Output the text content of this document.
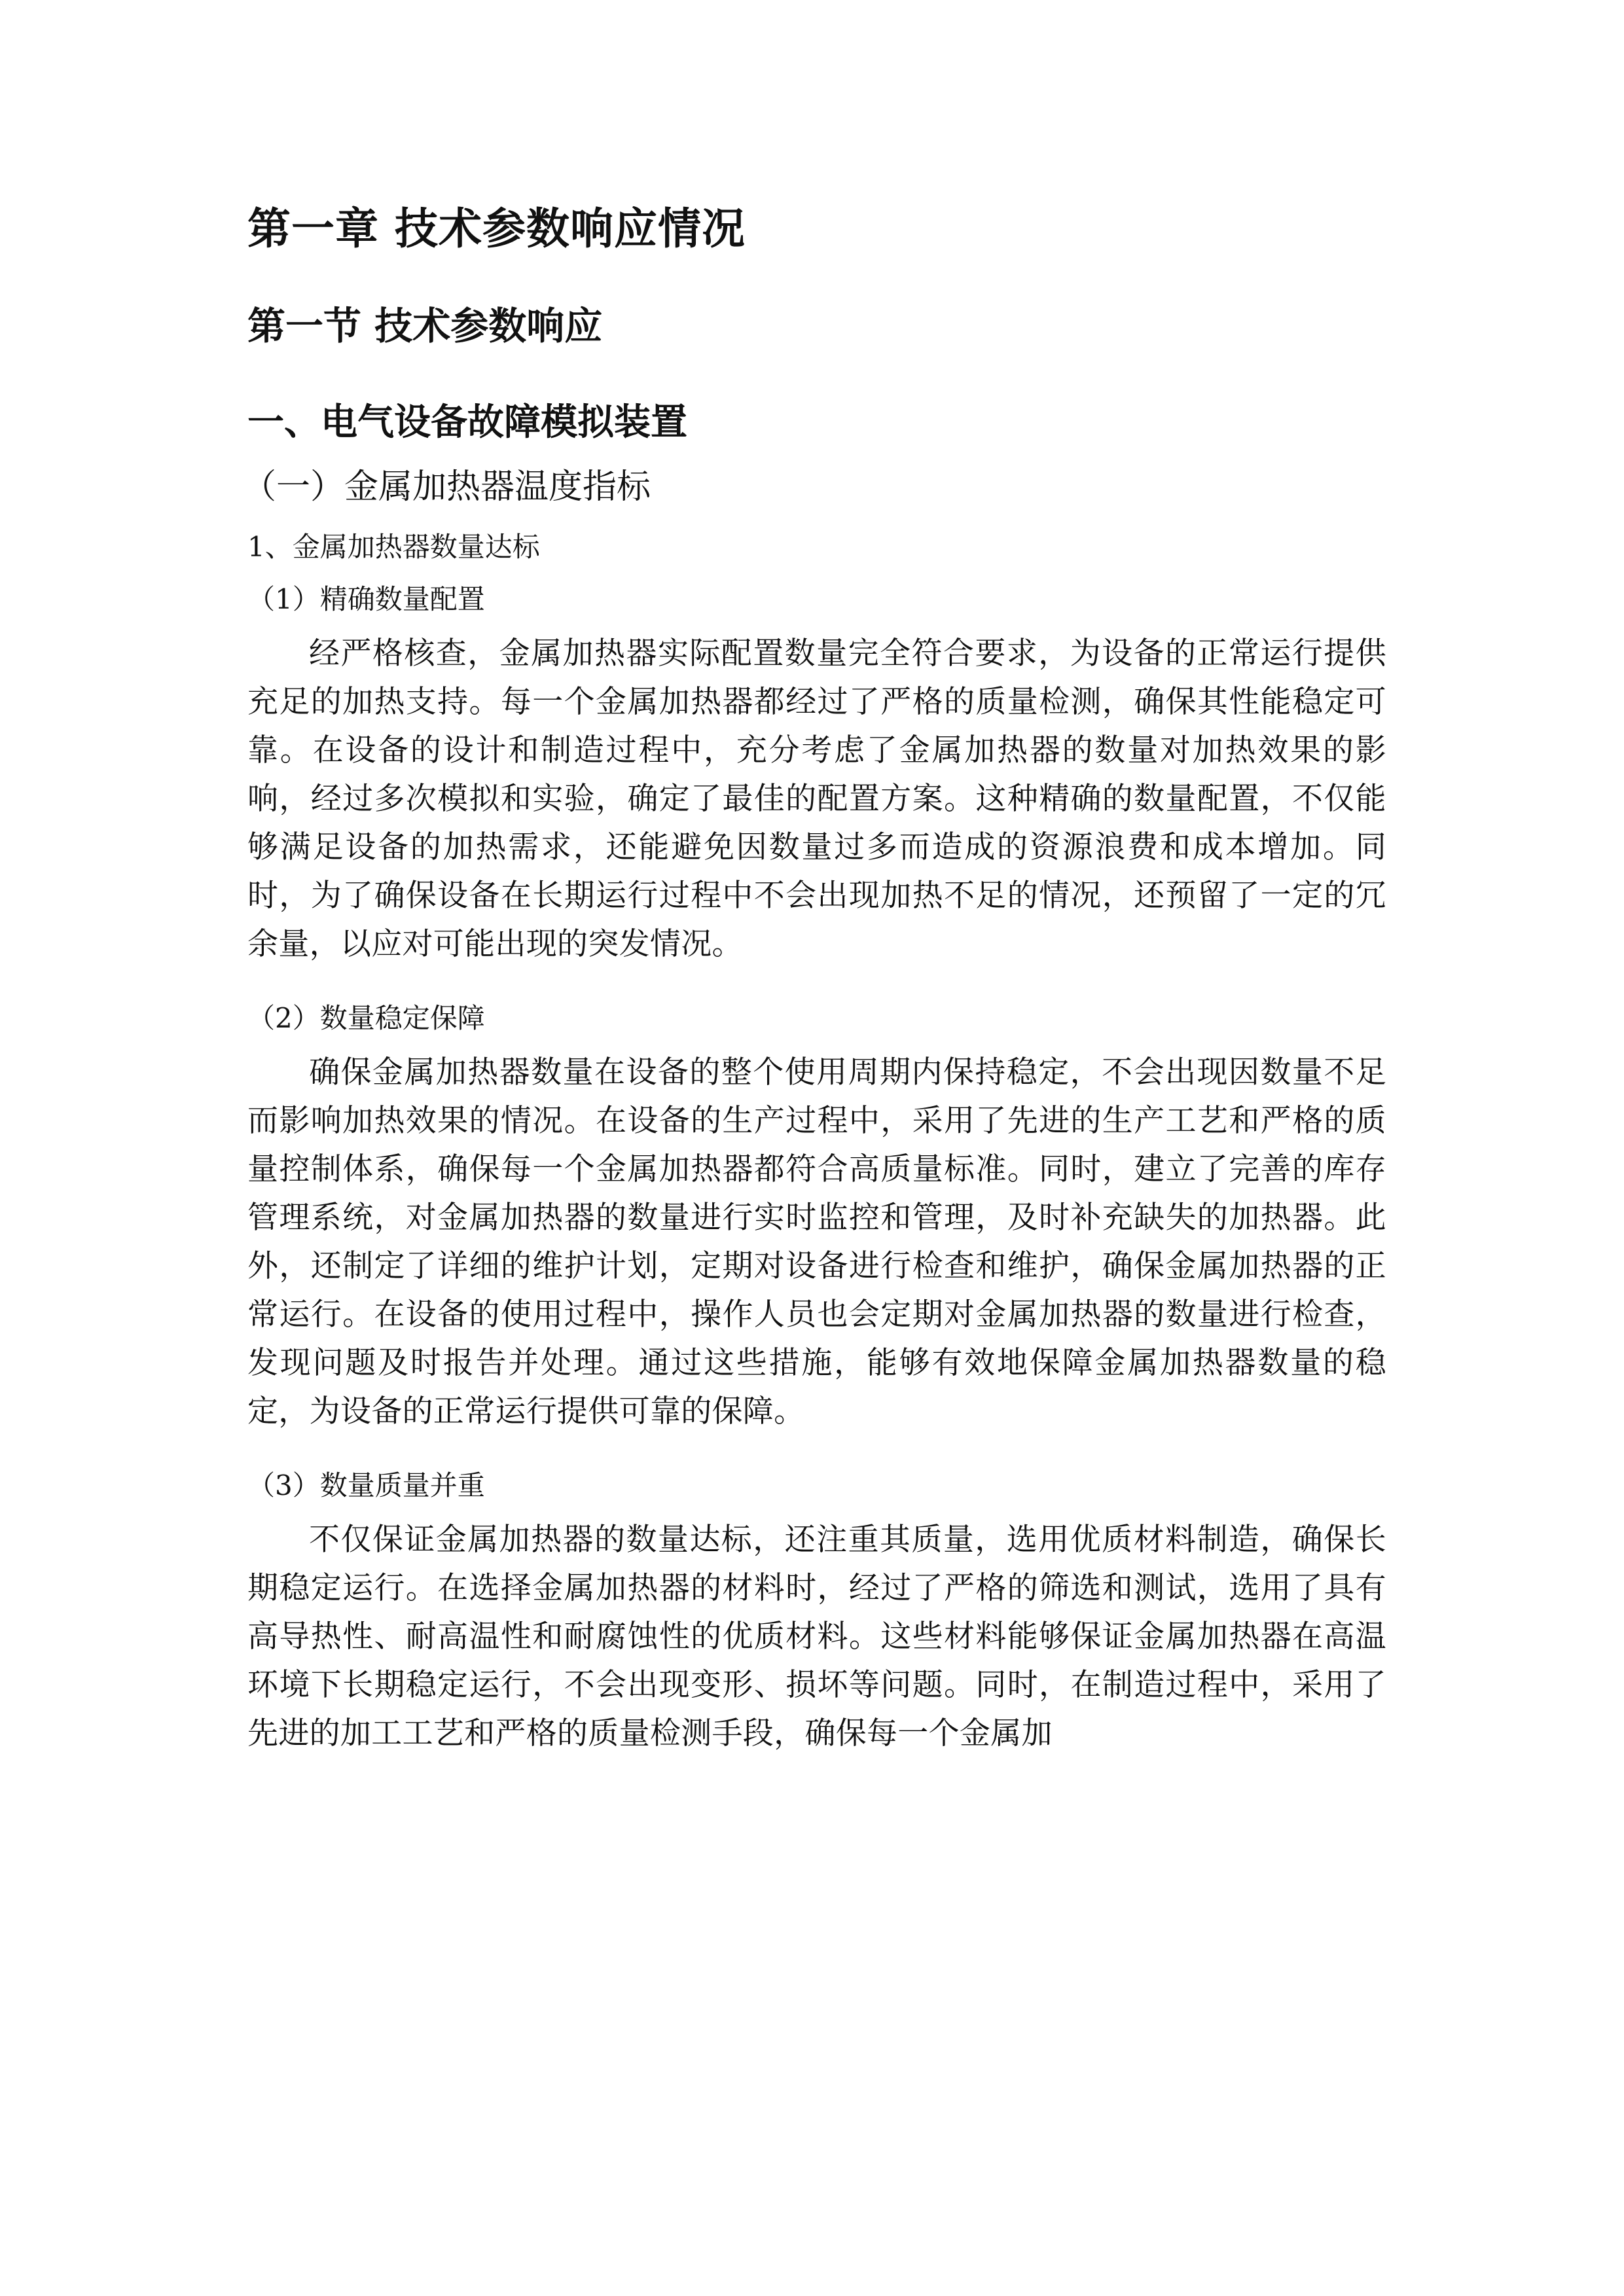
第一章 技术参数响应情况
第一节 技术参数响应
一、电气设备故障模拟装置
（一）金属加热器温度指标
1、金属加热器数量达标
（1）精确数量配置

经严格核查，金属加热器实际配置数量完全符合要求，为设备的正常运行提供充足的加热支持。每一个金属加热器都经过了严格的质量检测，确保其性能稳定可靠。在设备的设计和制造过程中，充分考虑了金属加热器的数量对加热效果的影响，经过多次模拟和实验，确定了最佳的配置方案。这种精确的数量配置，不仅能够满足设备的加热需求，还能避免因数量过多而造成的资源浪费和成本增加。同时，为了确保设备在长期运行过程中不会出现加热不足的情况，还预留了一定的冗余量，以应对可能出现的突发情况。

（2）数量稳定保障

确保金属加热器数量在设备的整个使用周期内保持稳定，不会出现因数量不足而影响加热效果的情况。在设备的生产过程中，采用了先进的生产工艺和严格的质量控制体系，确保每一个金属加热器都符合高质量标准。同时，建立了完善的库存管理系统，对金属加热器的数量进行实时监控和管理，及时补充缺失的加热器。此外，还制定了详细的维护计划，定期对设备进行检查和维护，确保金属加热器的正常运行。在设备的使用过程中，操作人员也会定期对金属加热器的数量进行检查，发现问题及时报告并处理。通过这些措施，能够有效地保障金属加热器数量的稳定，为设备的正常运行提供可靠的保障。

（3）数量质量并重

不仅保证金属加热器的数量达标，还注重其质量，选用优质材料制造，确保长期稳定运行。在选择金属加热器的材料时，经过了严格的筛选和测试，选用了具有高导热性、耐高温性和耐腐蚀性的优质材料。这些材料能够保证金属加热器在高温环境下长期稳定运行，不会出现变形、损坏等问题。同时，在制造过程中，采用了先进的加工工艺和严格的质量检测手段，确保每一个金属加
